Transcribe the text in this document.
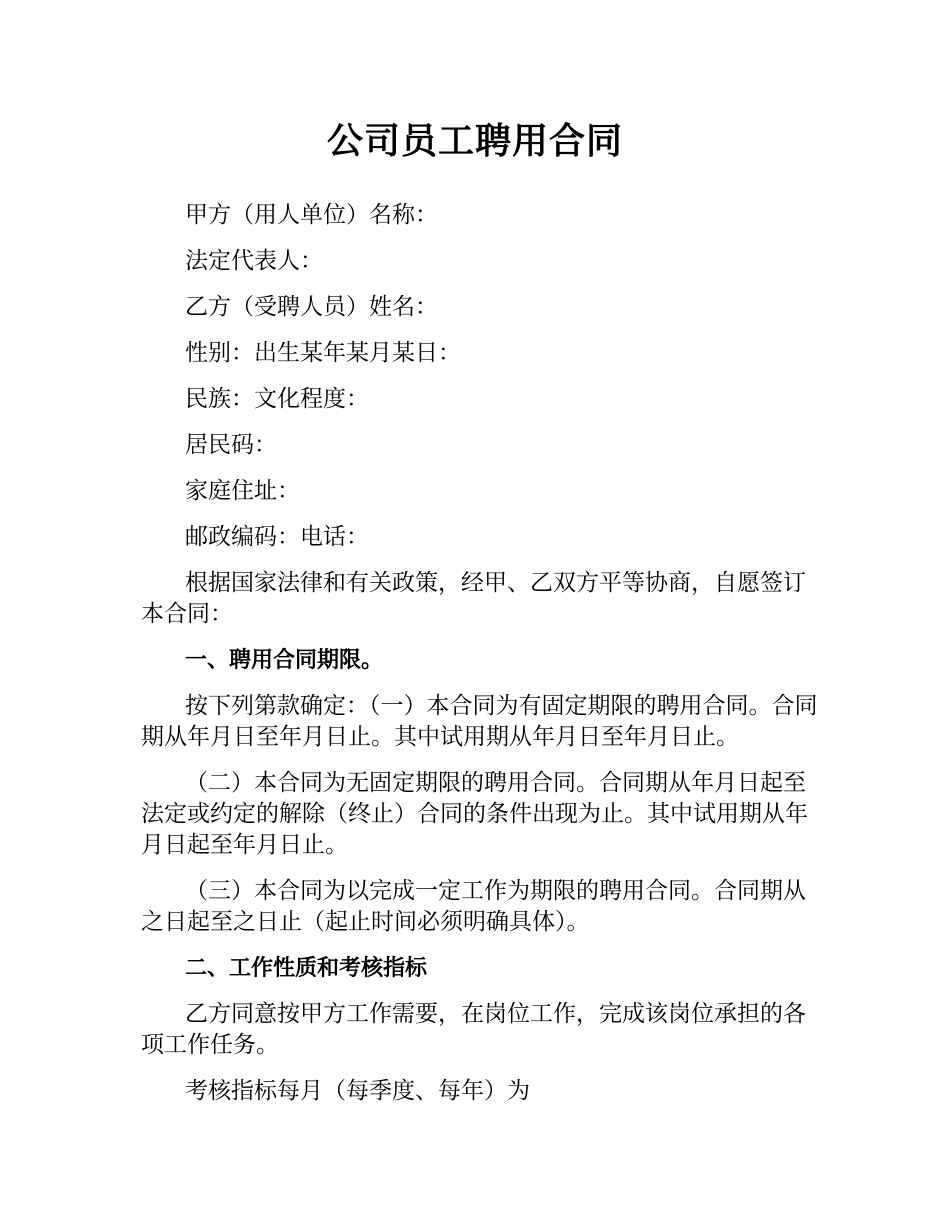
公司员工聘用合同

甲方（用人单位）名称：

法定代表人：

乙方（受聘人员）姓名：

性别：出生某年某月某日：

民族：文化程度：

居民码：

家庭住址：

邮政编码：电话：

根据国家法律和有关政策，经甲、乙双方平等协商，自愿签订本合同：

一、聘用合同期限。

按下列第款确定：（一）本合同为有固定期限的聘用合同。合同期从年月日至年月日止。其中试用期从年月日至年月日止。

（二）本合同为无固定期限的聘用合同。合同期从年月日起至法定或约定的解除（终止）合同的条件出现为止。其中试用期从年月日起至年月日止。

（三）本合同为以完成一定工作为期限的聘用合同。合同期从之日起至之日止（起止时间必须明确具体）。

二、工作性质和考核指标

乙方同意按甲方工作需要，在岗位工作，完成该岗位承担的各项工作任务。

考核指标每月（每季度、每年）为
